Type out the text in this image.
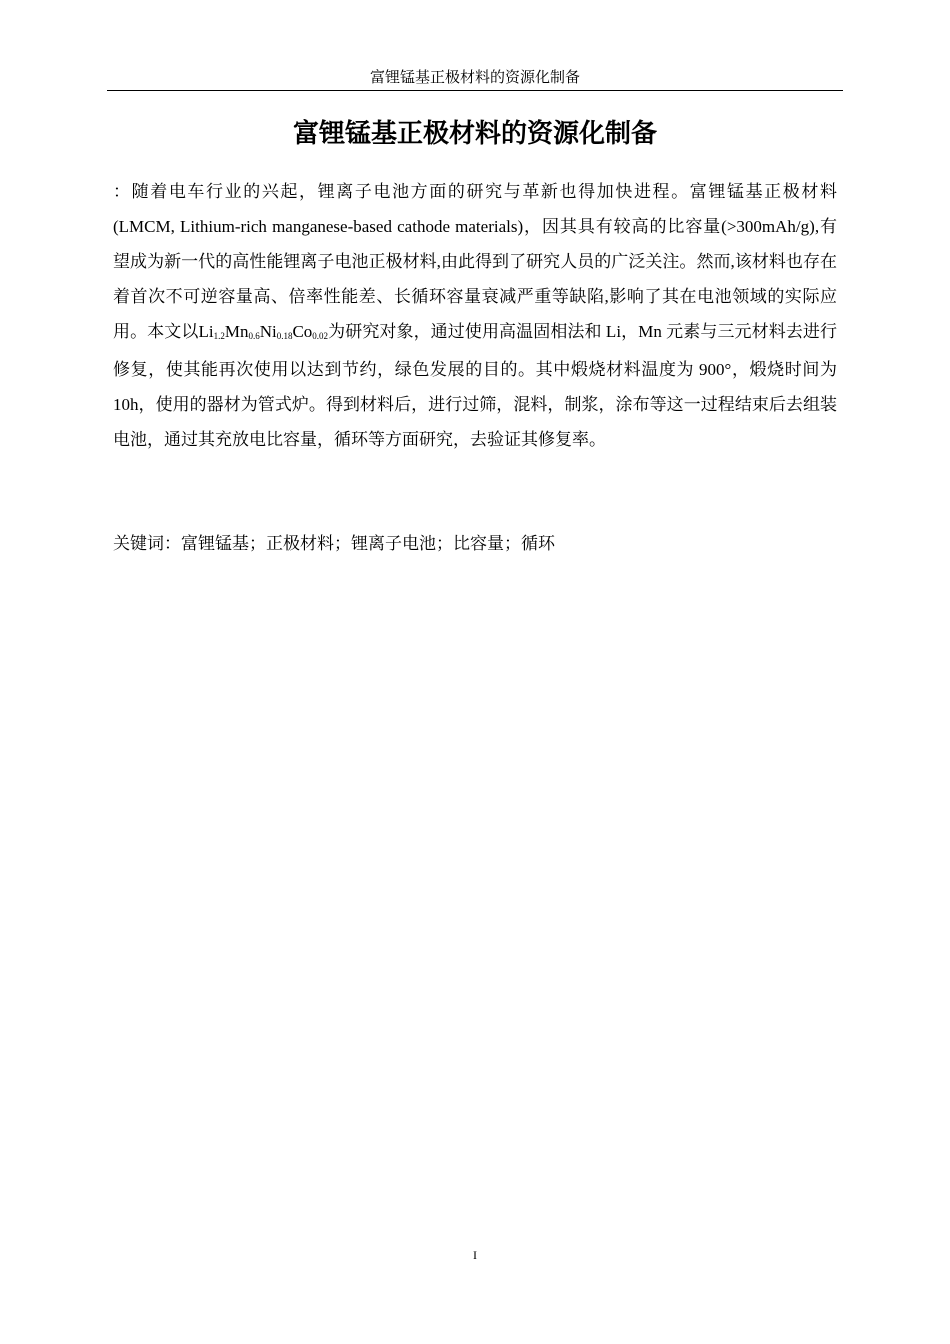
富锂锰基正极材料的资源化制备
富锂锰基正极材料的资源化制备

：随着电车行业的兴起，锂离子电池方面的研究与革新也得加快进程。富锂锰基正极材料(LMCM, Lithium-rich manganese-based cathode materials)，因其具有较高的比容量(>300mAh/g),有望成为新一代的高性能锂离子电池正极材料,由此得到了研究人员的广泛关注。然而,该材料也存在着首次不可逆容量高、倍率性能差、长循环容量衰减严重等缺陷,影响了其在电池领域的实际应用。本文以$Li_{1.2}Mn_{0.6}Ni_{0.18}Co_{0.02}$为研究对象，通过使用高温固相法和 Li，Mn 元素与三元材料去进行修复，使其能再次使用以达到节约，绿色发展的目的。其中煅烧材料温度为 900°，煅烧时间为 10h，使用的器材为管式炉。得到材料后，进行过筛，混料，制浆，涂布等这一过程结束后去组装电池，通过其充放电比容量，循环等方面研究，去验证其修复率。

关键词：富锂锰基；正极材料；锂离子电池；比容量；循环

I
